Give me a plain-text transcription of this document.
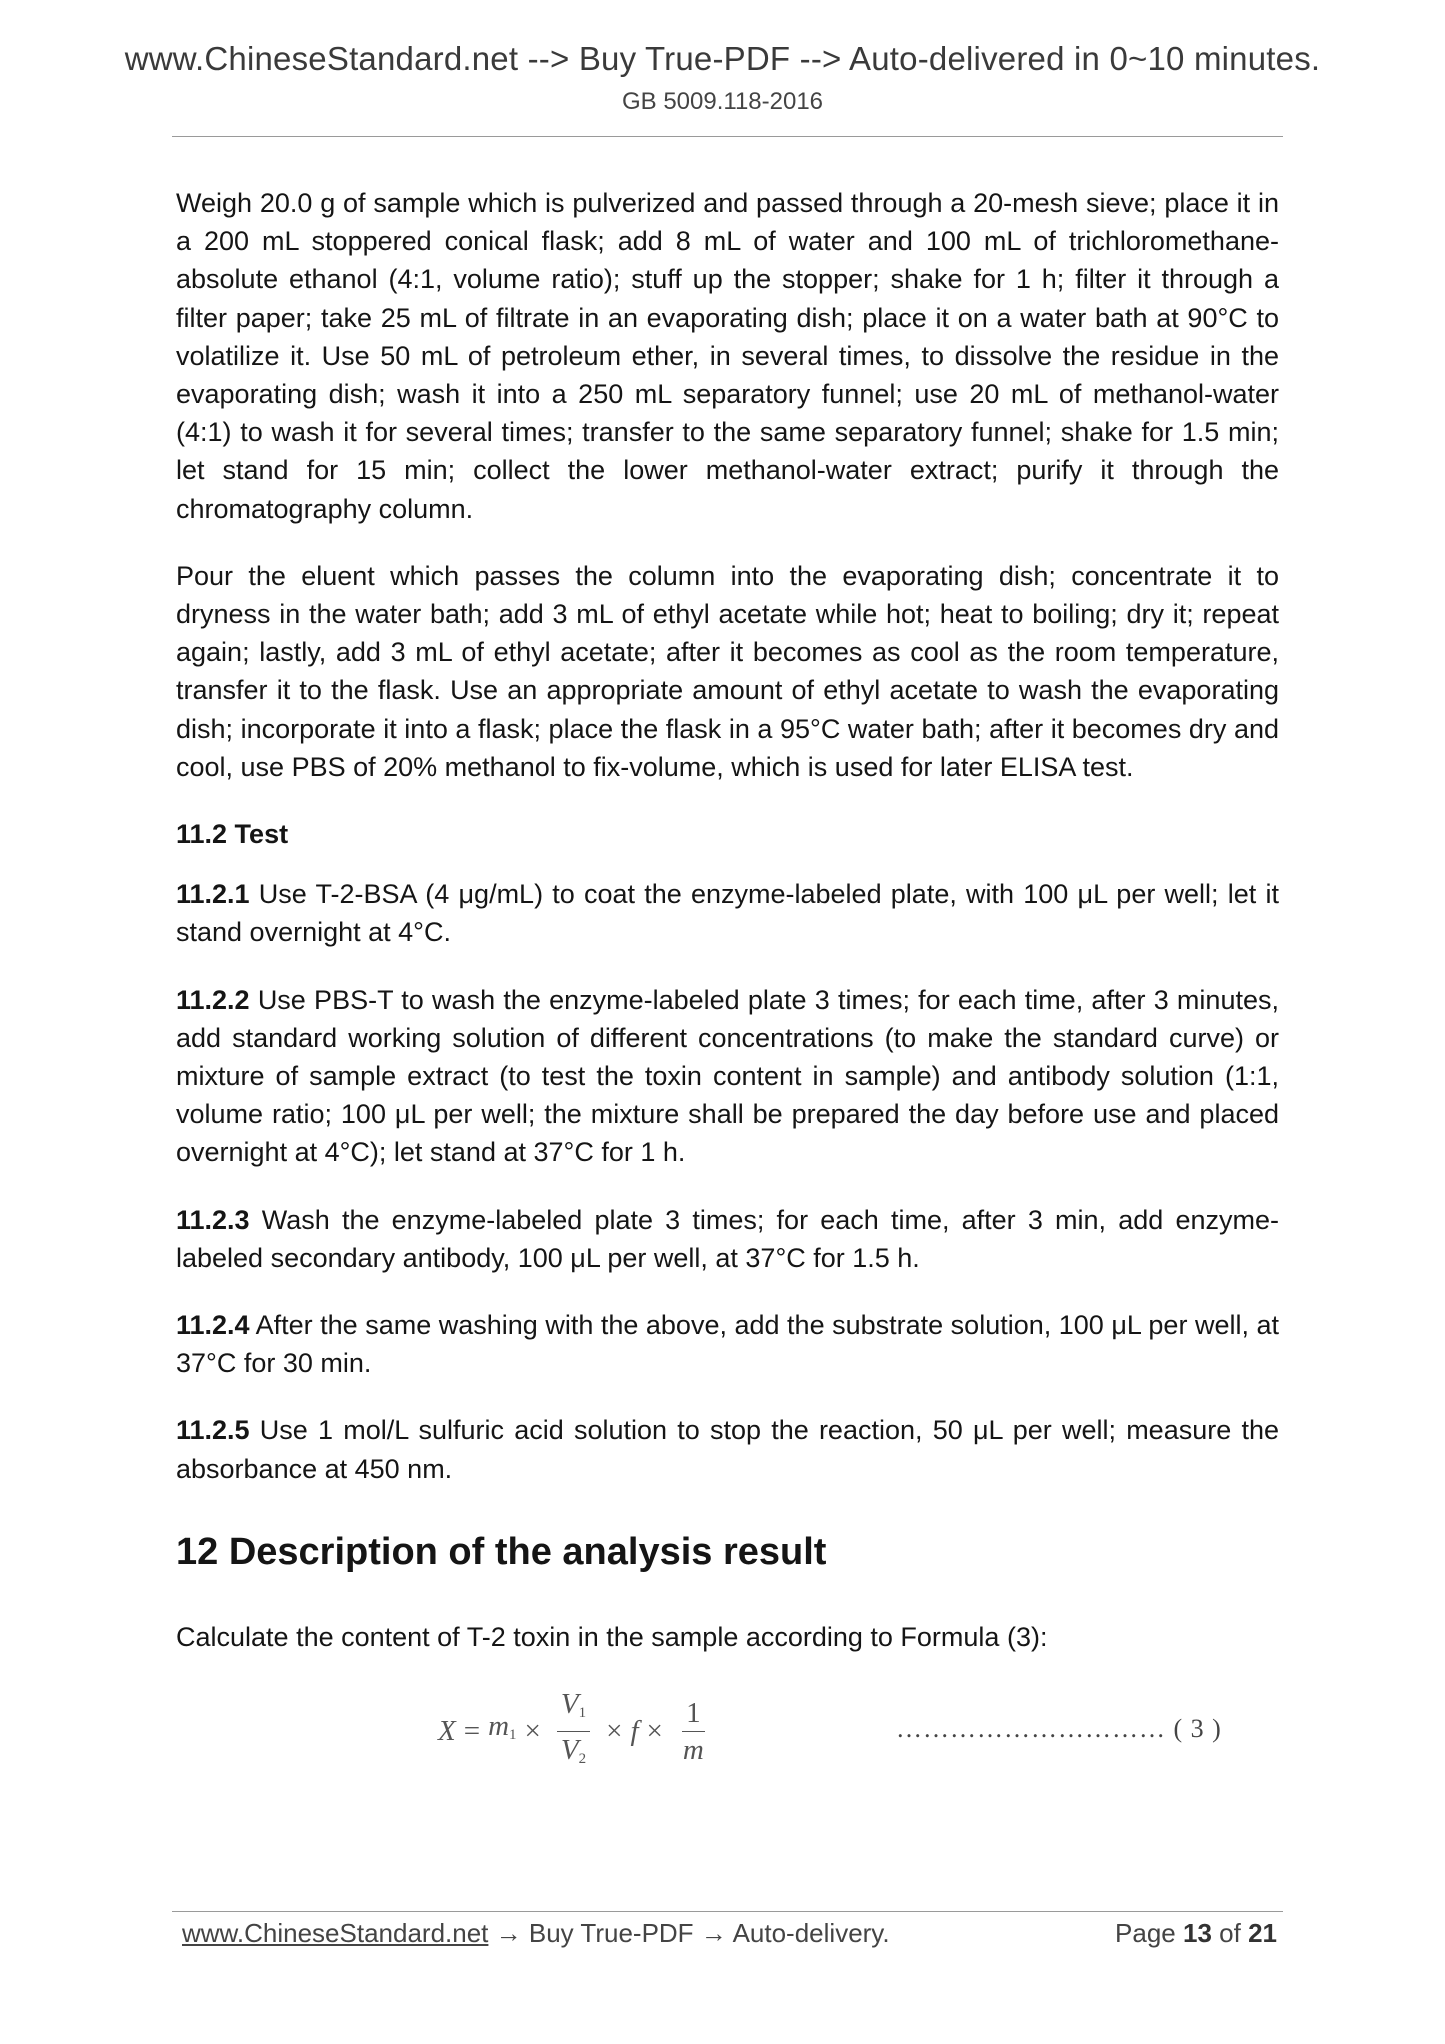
www.ChineseStandard.net --> Buy True-PDF --> Auto-delivered in 0~10 minutes.
GB 5009.118-2016

Weigh 20.0 g of sample which is pulverized and passed through a 20-mesh sieve; place it in a 200 mL stoppered conical flask; add 8 mL of water and 100 mL of trichloromethane-absolute ethanol (4:1, volume ratio); stuff up the stopper; shake for 1 h; filter it through a filter paper; take 25 mL of filtrate in an evaporating dish; place it on a water bath at 90°C to volatilize it. Use 50 mL of petroleum ether, in several times, to dissolve the residue in the evaporating dish; wash it into a 250 mL separatory funnel; use 20 mL of methanol-water (4:1) to wash it for several times; transfer to the same separatory funnel; shake for 1.5 min; let stand for 15 min; collect the lower methanol-water extract; purify it through the chromatography column.

Pour the eluent which passes the column into the evaporating dish; concentrate it to dryness in the water bath; add 3 mL of ethyl acetate while hot; heat to boiling; dry it; repeat again; lastly, add 3 mL of ethyl acetate; after it becomes as cool as the room temperature, transfer it to the flask. Use an appropriate amount of ethyl acetate to wash the evaporating dish; incorporate it into a flask; place the flask in a 95°C water bath; after it becomes dry and cool, use PBS of 20% methanol to fix-volume, which is used for later ELISA test.

11.2 Test

11.2.1 Use T-2-BSA (4 μg/mL) to coat the enzyme-labeled plate, with 100 μL per well; let it stand overnight at 4°C.

11.2.2 Use PBS-T to wash the enzyme-labeled plate 3 times; for each time, after 3 minutes, add standard working solution of different concentrations (to make the standard curve) or mixture of sample extract (to test the toxin content in sample) and antibody solution (1:1, volume ratio; 100 μL per well; the mixture shall be prepared the day before use and placed overnight at 4°C); let stand at 37°C for 1 h.

11.2.3 Wash the enzyme-labeled plate 3 times; for each time, after 3 min, add enzyme-labeled secondary antibody, 100 μL per well, at 37°C for 1.5 h.

11.2.4 After the same washing with the above, add the substrate solution, 100 μL per well, at 37°C for 30 min.

11.2.5 Use 1 mol/L sulfuric acid solution to stop the reaction, 50 μL per well; measure the absorbance at 450 nm.

12 Description of the analysis result

Calculate the content of T-2 toxin in the sample according to Formula (3):

$X = m_1 \times \frac{V_1}{V_2} \times f \times \frac{1}{m}$	………………………… ( 3 )
www.ChineseStandard.net → Buy True-PDF → Auto-delivery.	Page 13 of 21
